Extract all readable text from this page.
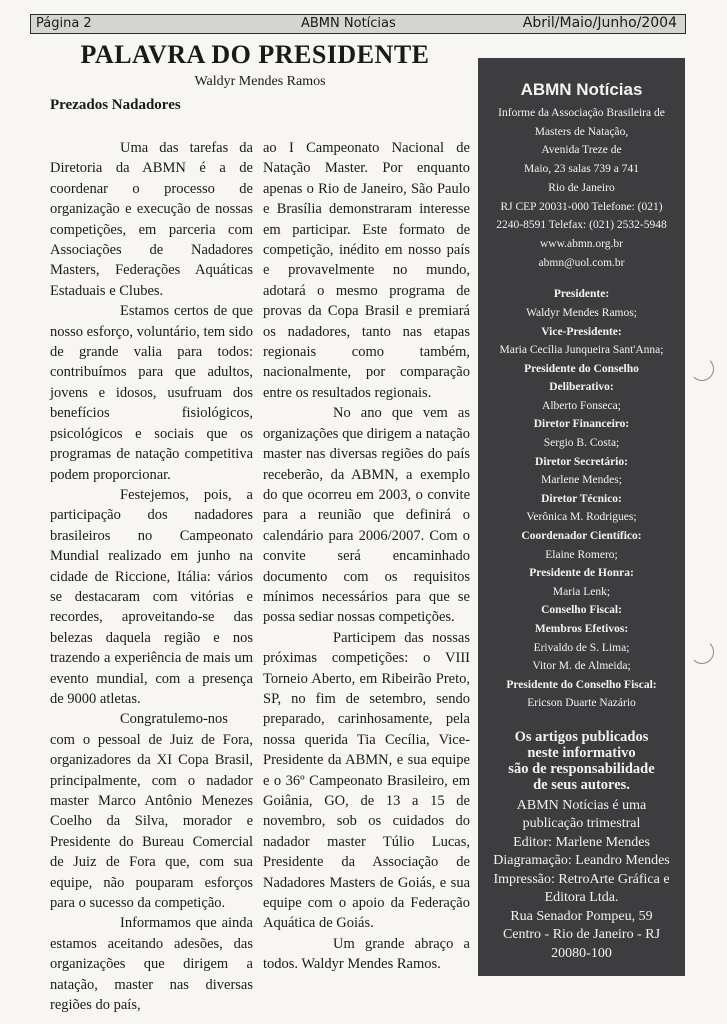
Página 2	ABMN Notícias	Abril/Maio/Junho/2004
PALAVRA DO PRESIDENTE
Waldyr Mendes Ramos
Prezados Nadadores

Uma das tarefas da Diretoria da ABMN é a de coordenar o processo de organização e execução de nossas competições, em parceria com Associações de Nadadores Masters, Federações Aquáticas Estaduais e Clubes.

Estamos certos de que nosso esforço, voluntário, tem sido de grande valia para todos: contribuímos para que adultos, jovens e idosos, usufruam dos benefícios fisiológicos, psicológicos e sociais que os programas de natação competitiva podem proporcionar.

Festejemos, pois, a participação dos nadadores brasileiros no Campeonato Mundial realizado em junho na cidade de Riccione, Itália: vários se destacaram com vitórias e recordes, aproveitando-se das belezas daquela região e nos trazendo a experiência de mais um evento mundial, com a presença de 9000 atletas.

Congratulemo-nos com o pessoal de Juiz de Fora, organizadores da XI Copa Brasil, principalmente, com o nadador master Marco Antônio Menezes Coelho da Silva, morador e Presidente do Bureau Comercial de Juiz de Fora que, com sua equipe, não pouparam esforços para o sucesso da competição.

Informamos que ainda estamos aceitando adesões, das organizações que dirigem a natação, master nas diversas regiões do país,

ao I Campeonato Nacional de Natação Master. Por enquanto apenas o Rio de Janeiro, São Paulo e Brasília demonstraram interesse em participar. Este formato de competição, inédito em nosso país e provavelmente no mundo, adotará o mesmo programa de provas da Copa Brasil e premiará os nadadores, tanto nas etapas regionais como também, nacionalmente, por comparação entre os resultados regionais.

No ano que vem as organizações que dirigem a natação master nas diversas regiões do país receberão, da ABMN, a exemplo do que ocorreu em 2003, o convite para a reunião que definirá o calendário para 2006/2007. Com o convite será encaminhado documento com os requisitos mínimos necessários para que se possa sediar nossas competições.

Participem das nossas próximas competições: o VIII Torneio Aberto, em Ribeirão Preto, SP, no fim de setembro, sendo preparado, carinhosamente, pela nossa querida Tia Cecília, Vice-Presidente da ABMN, e sua equipe e o 36º Campeonato Brasileiro, em Goiânia, GO, de 13 a 15 de novembro, sob os cuidados do nadador master Túlio Lucas, Presidente da Associação de Nadadores Masters de Goiás, e sua equipe com o apoio da Federação Aquática de Goiás.

Um grande abraço a todos. Waldyr Mendes Ramos.

ABMN Notícias
Informe da Associação Brasileira de
Masters de Natação,
Avenida Treze de
Maio, 23 salas 739 a 741
Rio de Janeiro
RJ CEP 20031-000 Telefone: (021)
2240-8591 Telefax: (021) 2532-5948
www.abmn.org.br
abmn@uol.com.br
Presidente:
Waldyr Mendes Ramos;
Vice-Presidente:
Maria Cecília Junqueira Sant'Anna;
Presidente do Conselho
Deliberativo:
Alberto Fonseca;
Diretor Financeiro:
Sergio B. Costa;
Diretor Secretário:
Marlene Mendes;
Diretor Técnico:
Verônica M. Rodrigues;
Coordenador Científico:
Elaine Romero;
Presidente de Honra:
Maria Lenk;
Conselho Fiscal:
Membros Efetivos:
Erivaldo de S. Lima;
Vitor M. de Almeida;
Presidente do Conselho Fiscal:
Ericson Duarte Nazário
Os artigos publicados
neste informativo
são de responsabilidade
de seus autores.
ABMN Notícias é uma
publicação trimestral
Editor: Marlene Mendes
Diagramação: Leandro Mendes
Impressão: RetroArte Gráfica e
Editora Ltda.
Rua Senador Pompeu, 59
Centro - Rio de Janeiro - RJ
20080-100
